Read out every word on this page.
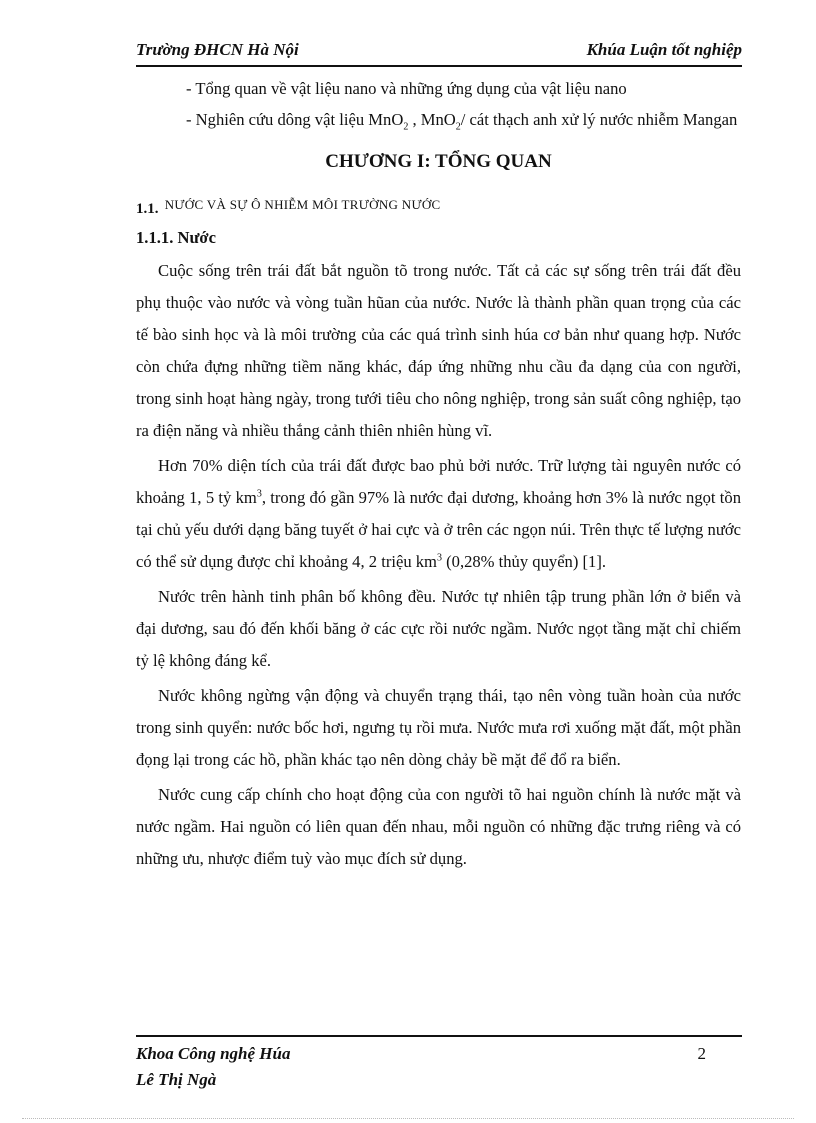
Trường ĐHCN Hà Nội	Khúa Luận tốt nghiệp

- Tổng quan về vật liệu nano và những ứng dụng của vật liệu nano

- Nghiên cứu dông vật liệu MnO$_2$ , MnO$_2$/ cát thạch anh xử lý nước nhiễm Mangan

CHƯƠNG I: TỔNG QUAN
1.1. NƯỚC VÀ SỰ Ô NHIỄM MÔI TRƯỜNG NƯỚC
1.1.1. Nước

Cuộc sống trên trái đất bắt nguồn tõ trong nước. Tất cả các sự sống trên trái đất đều phụ thuộc vào nước và vòng tuần hũan của nước. Nước là thành phần quan trọng của các tế bào sinh học và là môi trường của các quá trình sinh húa cơ bản như quang hợp. Nước còn chứa đựng những tiềm năng khác, đáp ứng những nhu cầu đa dạng của con người, trong sinh hoạt hàng ngày, trong tưới tiêu cho nông nghiệp, trong sản suất công nghiệp, tạo ra điện năng và nhiều thắng cảnh thiên nhiên hùng vĩ.

Hơn 70% diện tích của trái đất được bao phủ bởi nước. Trữ lượng tài nguyên nước có khoảng 1, 5 tỷ $km^3$, trong đó gần 97% là nước đại dương, khoảng hơn 3% là nước ngọt tồn tại chủ yếu dưới dạng băng tuyết ở hai cực và ở trên các ngọn núi. Trên thực tế lượng nước có thể sử dụng được chỉ khoảng 4, 2 triệu $km^3$ (0,28% thủy quyển) [1].

Nước trên hành tinh phân bố không đều. Nước tự nhiên tập trung phần lớn ở biển và đại dương, sau đó đến khối băng ở các cực rồi nước ngầm. Nước ngọt tầng mặt chỉ chiếm tỷ lệ không đáng kể.

Nước không ngừng vận động và chuyển trạng thái, tạo nên vòng tuần hoàn của nước trong sinh quyển: nước bốc hơi, ngưng tụ rồi mưa. Nước mưa rơi xuống mặt đất, một phần đọng lại trong các hồ, phần khác tạo nên dòng chảy bề mặt để đổ ra biển.

Nước cung cấp chính cho hoạt động của con người tõ hai nguồn chính là nước mặt và nước ngầm. Hai nguồn có liên quan đến nhau, mỗi nguồn có những đặc trưng riêng và có những ưu, nhược điểm tuỳ vào mục đích sử dụng.

Khoa Công nghệ Húa	2
Lê Thị Ngà
